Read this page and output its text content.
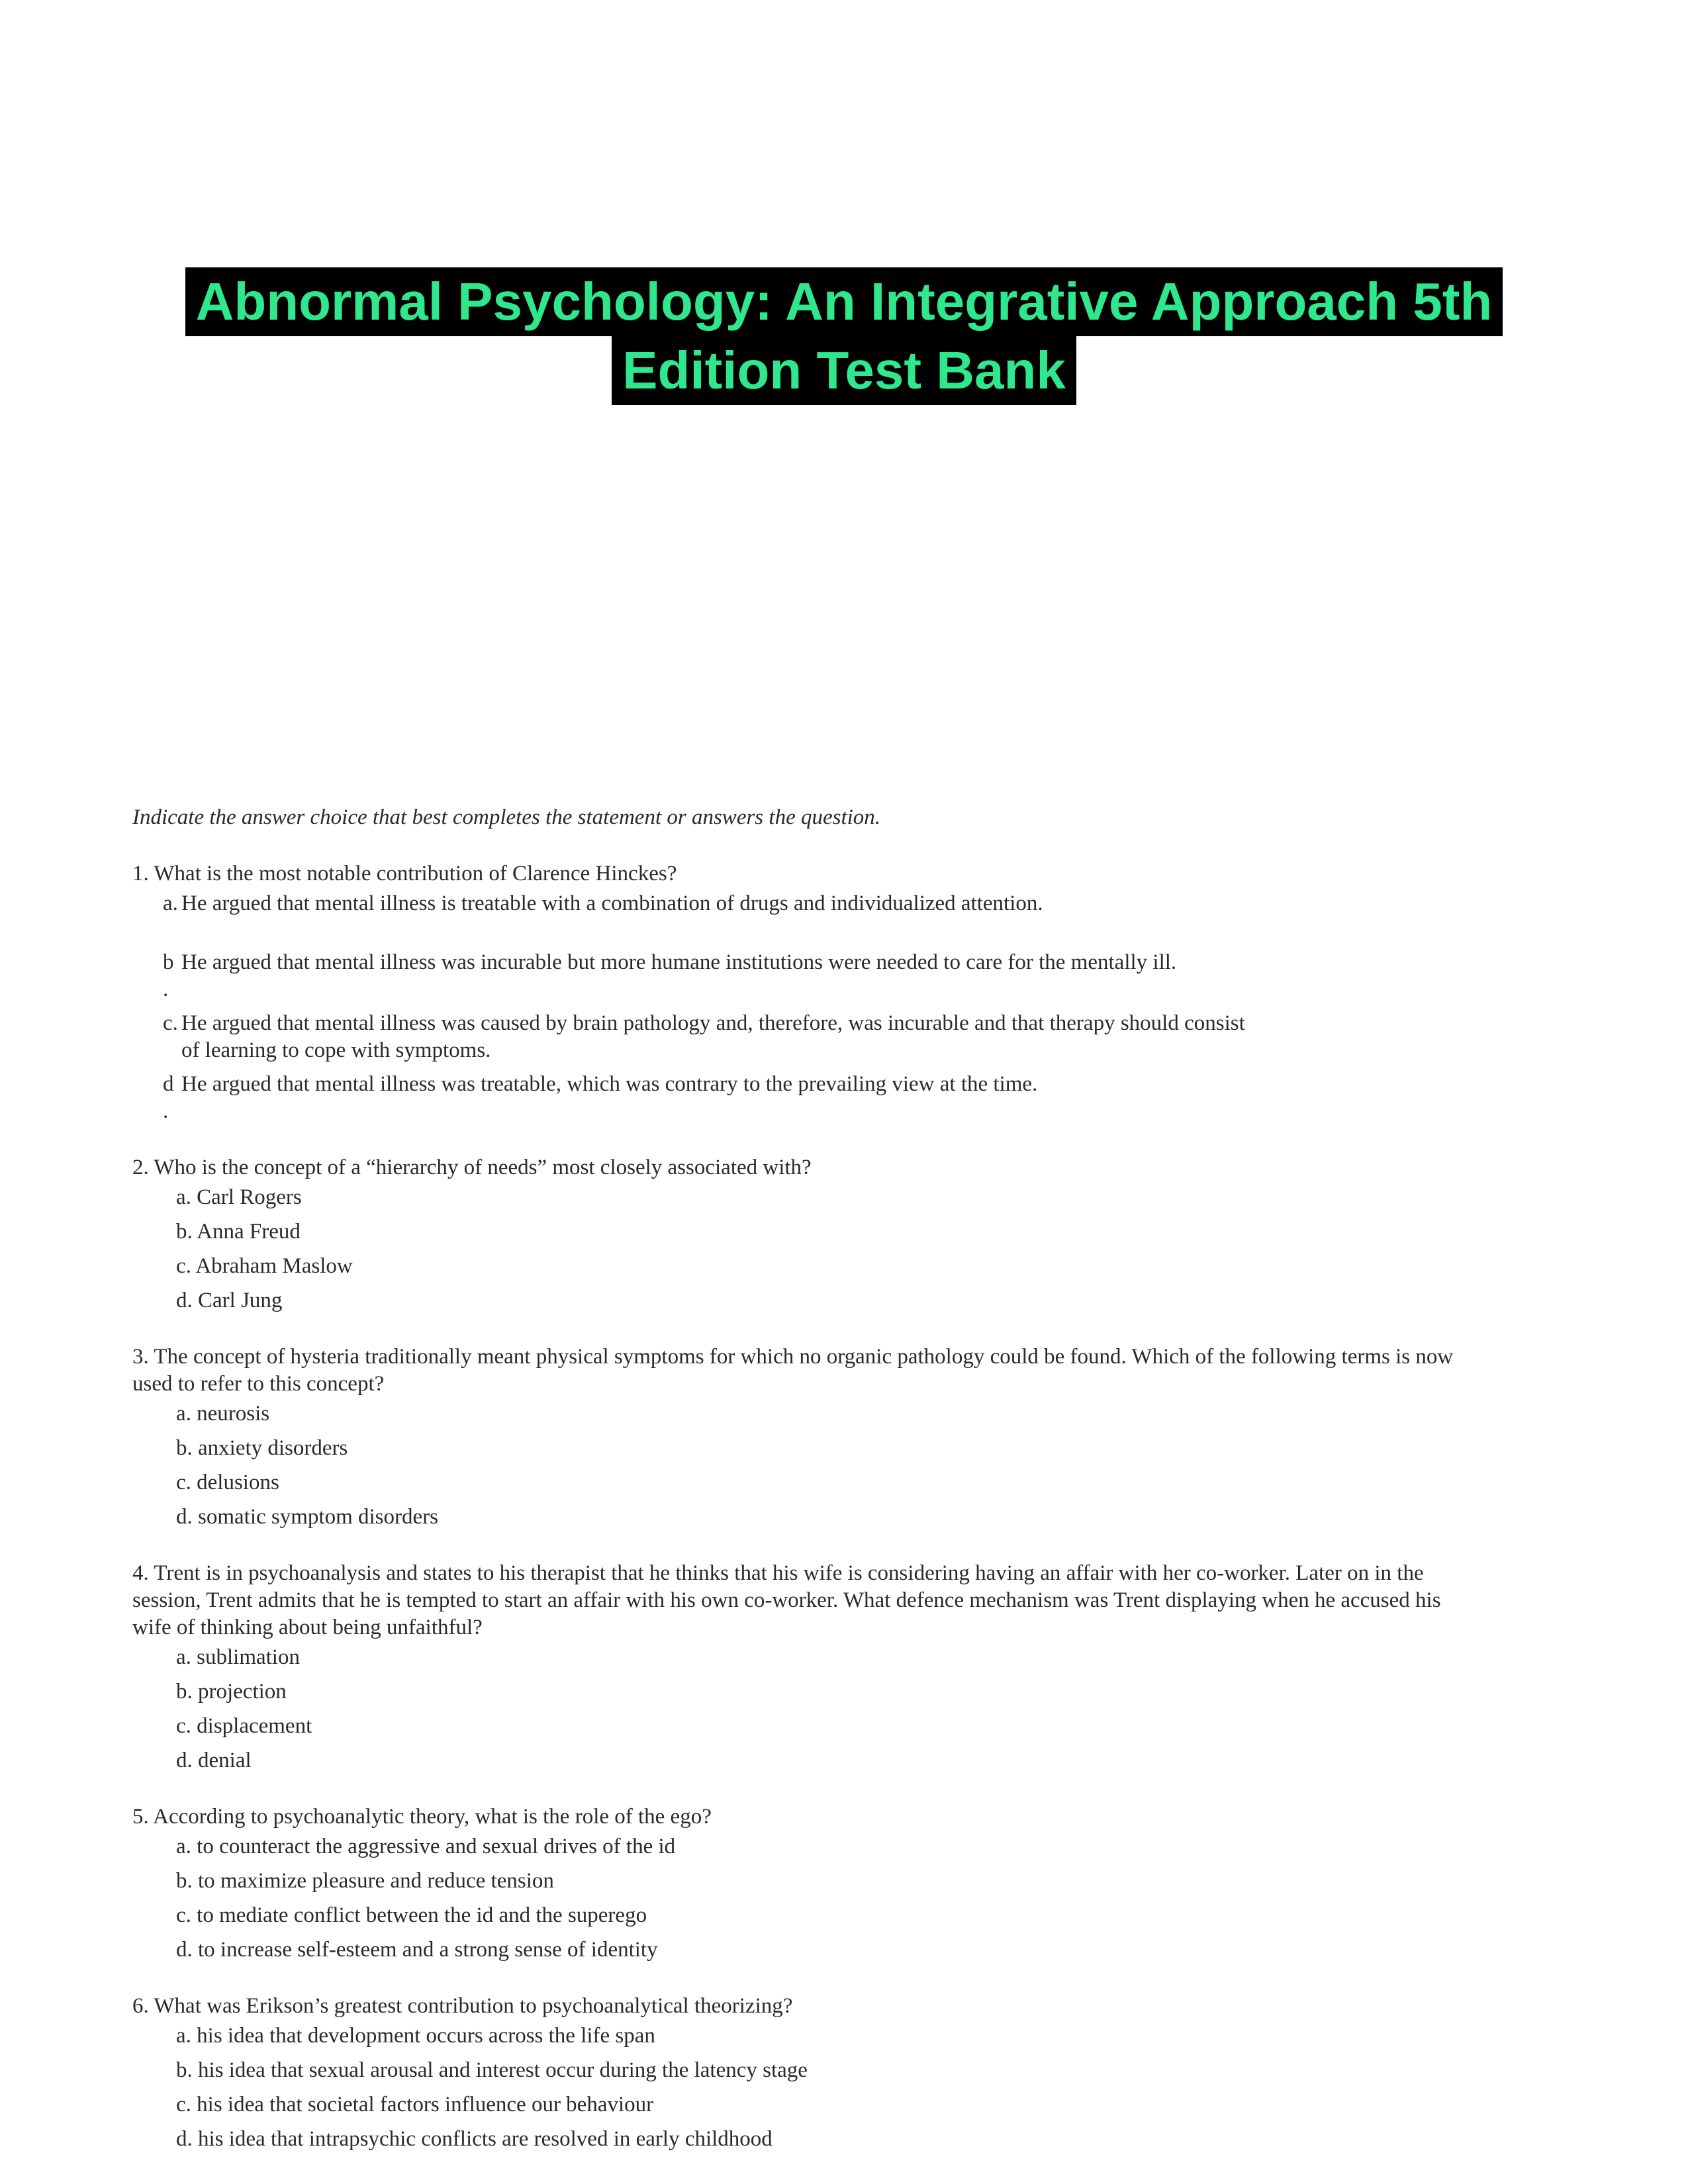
Abnormal Psychology: An Integrative Approach 5th
Edition Test Bank

Indicate the answer choice that best completes the statement or answers the question.

1. What is the most notable contribution of Clarence Hinckes?

a. He argued that mental illness is treatable with a combination of drugs and individualized attention.
b
.
He argued that mental illness was incurable but more humane institutions were needed to care for the mentally ill.
c. He argued that mental illness was caused by brain pathology and, therefore, was incurable and that therapy should consist of learning to cope with symptoms.
d
.
He argued that mental illness was treatable, which was contrary to the prevailing view at the time.

2. Who is the concept of a “hierarchy of needs” most closely associated with?

a. Carl Rogers

b. Anna Freud

c. Abraham Maslow

d. Carl Jung

3. The concept of hysteria traditionally meant physical symptoms for which no organic pathology could be found. Which of the following terms is now used to refer to this concept?

a. neurosis

b. anxiety disorders

c. delusions

d. somatic symptom disorders

4. Trent is in psychoanalysis and states to his therapist that he thinks that his wife is considering having an affair with her co-worker. Later on in the session, Trent admits that he is tempted to start an affair with his own co-worker. What defence mechanism was Trent displaying when he accused his wife of thinking about being unfaithful?

a. sublimation

b. projection

c. displacement

d. denial

5. According to psychoanalytic theory, what is the role of the ego?

a. to counteract the aggressive and sexual drives of the id

b. to maximize pleasure and reduce tension

c. to mediate conflict between the id and the superego

d. to increase self-esteem and a strong sense of identity

6. What was Erikson’s greatest contribution to psychoanalytical theorizing?

a. his idea that development occurs across the life span

b. his idea that sexual arousal and interest occur during the latency stage

c. his idea that societal factors influence our behaviour

d. his idea that intrapsychic conflicts are resolved in early childhood
